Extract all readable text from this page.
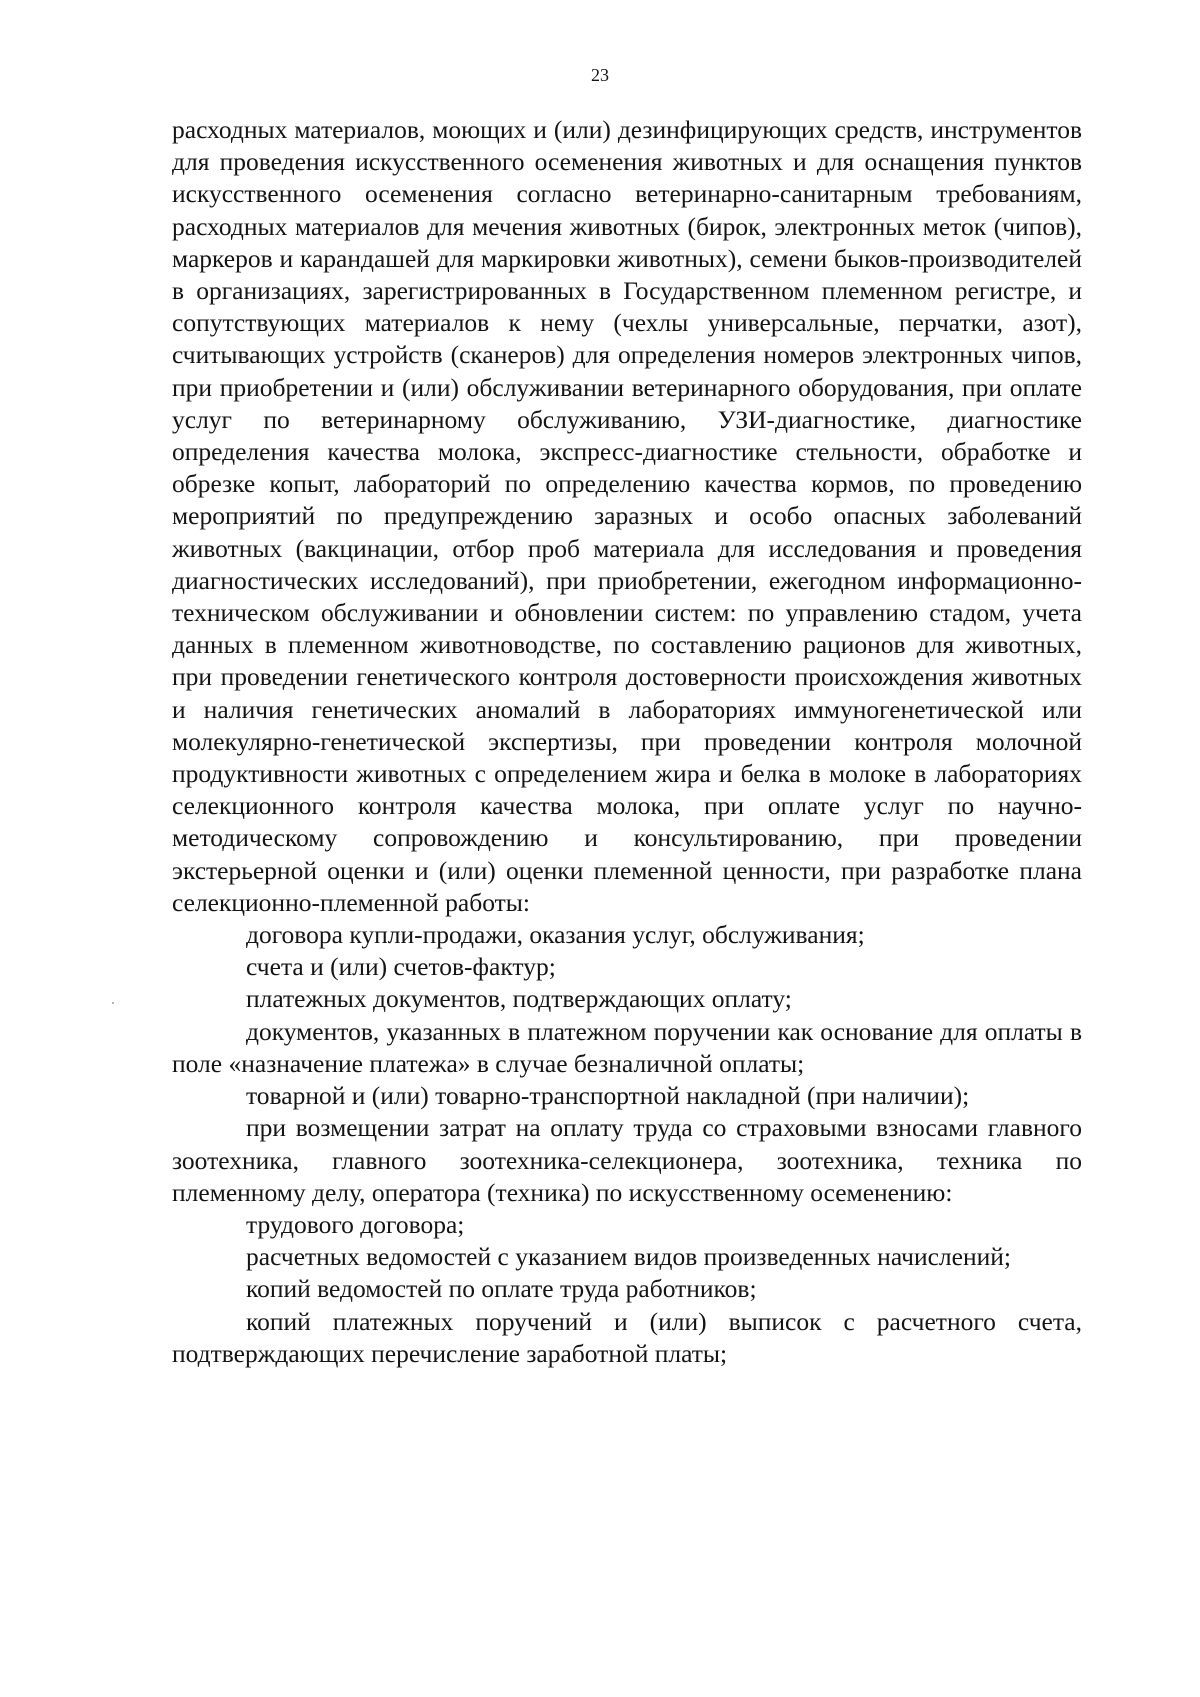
23

расходных материалов, моющих и (или) дезинфицирующих средств, инструментов для проведения искусственного осеменения животных и для оснащения пунктов искусственного осеменения согласно ветеринарно-санитарным требованиям, расходных материалов для мечения животных (бирок, электронных меток (чипов), маркеров и карандашей для маркировки животных), семени быков-производителей в организациях, зарегистрированных в Государственном племенном регистре, и сопутствующих материалов к нему (чехлы универсальные, перчатки, азот), считывающих устройств (сканеров) для определения номеров электронных чипов, при приобретении и (или) обслуживании ветеринарного оборудования, при оплате услуг по ветеринарному обслуживанию, УЗИ-диагностике, диагностике определения качества молока, экспресс-диагностике стельности, обработке и обрезке копыт, лабораторий по определению качества кормов, по проведению мероприятий по предупреждению заразных и особо опасных заболеваний животных (вакцинации, отбор проб материала для исследования и проведения диагностических исследований), при приобретении, ежегодном информационно-техническом обслуживании и обновлении систем: по управлению стадом, учета данных в племенном животноводстве, по составлению рационов для животных, при проведении генетического контроля достоверности происхождения животных и наличия генетических аномалий в лабораториях иммуногенетической или молекулярно-генетической экспертизы, при проведении контроля молочной продуктивности животных с определением жира и белка в молоке в лабораториях селекционного контроля качества молока, при оплате услуг по научно-методическому сопровождению и консультированию, при проведении экстерьерной оценки и (или) оценки племенной ценности, при разработке плана селекционно-племенной работы:

договора купли-продажи, оказания услуг, обслуживания;

счета и (или) счетов-фактур;

платежных документов, подтверждающих оплату;

документов, указанных в платежном поручении как основание для оплаты в поле «назначение платежа» в случае безналичной оплаты;

товарной и (или) товарно-транспортной накладной (при наличии);

при возмещении затрат на оплату труда со страховыми взносами главного зоотехника, главного зоотехника-селекционера, зоотехника, техника по племенному делу, оператора (техника) по искусственному осеменению:

трудового договора;

расчетных ведомостей с указанием видов произведенных начислений;

копий ведомостей по оплате труда работников;

копий платежных поручений и (или) выписок с расчетного счета, подтверждающих перечисление заработной платы;
